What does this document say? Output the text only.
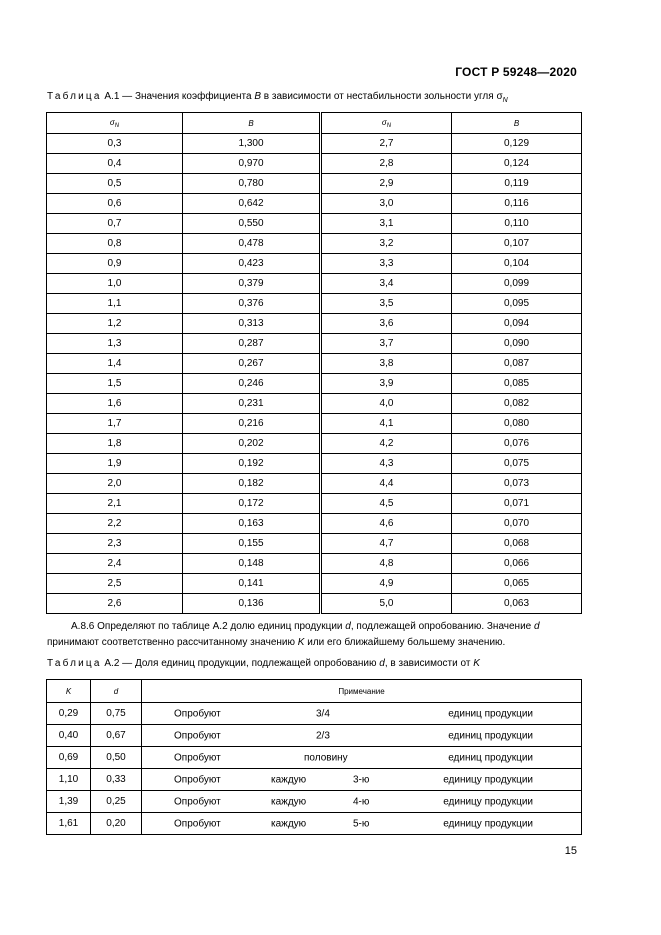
ГОСТ Р 59248—2020
Таблица А.1 — Значения коэффициента B в зависимости от нестабильности зольности угля $\sigma_N$
$\sigma_N$	B	$\sigma_N$	B
0,3	1,300	2,7	0,129
0,4	0,970	2,8	0,124
0,5	0,780	2,9	0,119
0,6	0,642	3,0	0,116
0,7	0,550	3,1	0,110
0,8	0,478	3,2	0,107
0,9	0,423	3,3	0,104
1,0	0,379	3,4	0,099
1,1	0,376	3,5	0,095
1,2	0,313	3,6	0,094
1,3	0,287	3,7	0,090
1,4	0,267	3,8	0,087
1,5	0,246	3,9	0,085
1,6	0,231	4,0	0,082
1,7	0,216	4,1	0,080
1,8	0,202	4,2	0,076
1,9	0,192	4,3	0,075
2,0	0,182	4,4	0,073
2,1	0,172	4,5	0,071
2,2	0,163	4,6	0,070
2,3	0,155	4,7	0,068
2,4	0,148	4,8	0,066
2,5	0,141	4,9	0,065
2,6	0,136	5,0	0,063
А.8.6 Определяют по таблице А.2 долю единиц продукции d, подлежащей опробованию. Значение d
принимают соответственно рассчитанному значению K или его ближайшему большему значению.
Таблица А.2 — Доля единиц продукции, подлежащей опробованию d, в зависимости от K
K	d	Примечание
0,29	0,75	Опробуют 3/4 единиц продукции

0,40	0,67	Опробуют 2/3 единиц продукции

0,69	0,50	Опробуют половину единиц продукции

1,10	0,33	Опробуют каждую 3-ю единицу продукции

1,39	0,25	Опробуют каждую 4-ю единицу продукции

1,61	0,20	Опробуют каждую 5-ю единицу продукции
15
